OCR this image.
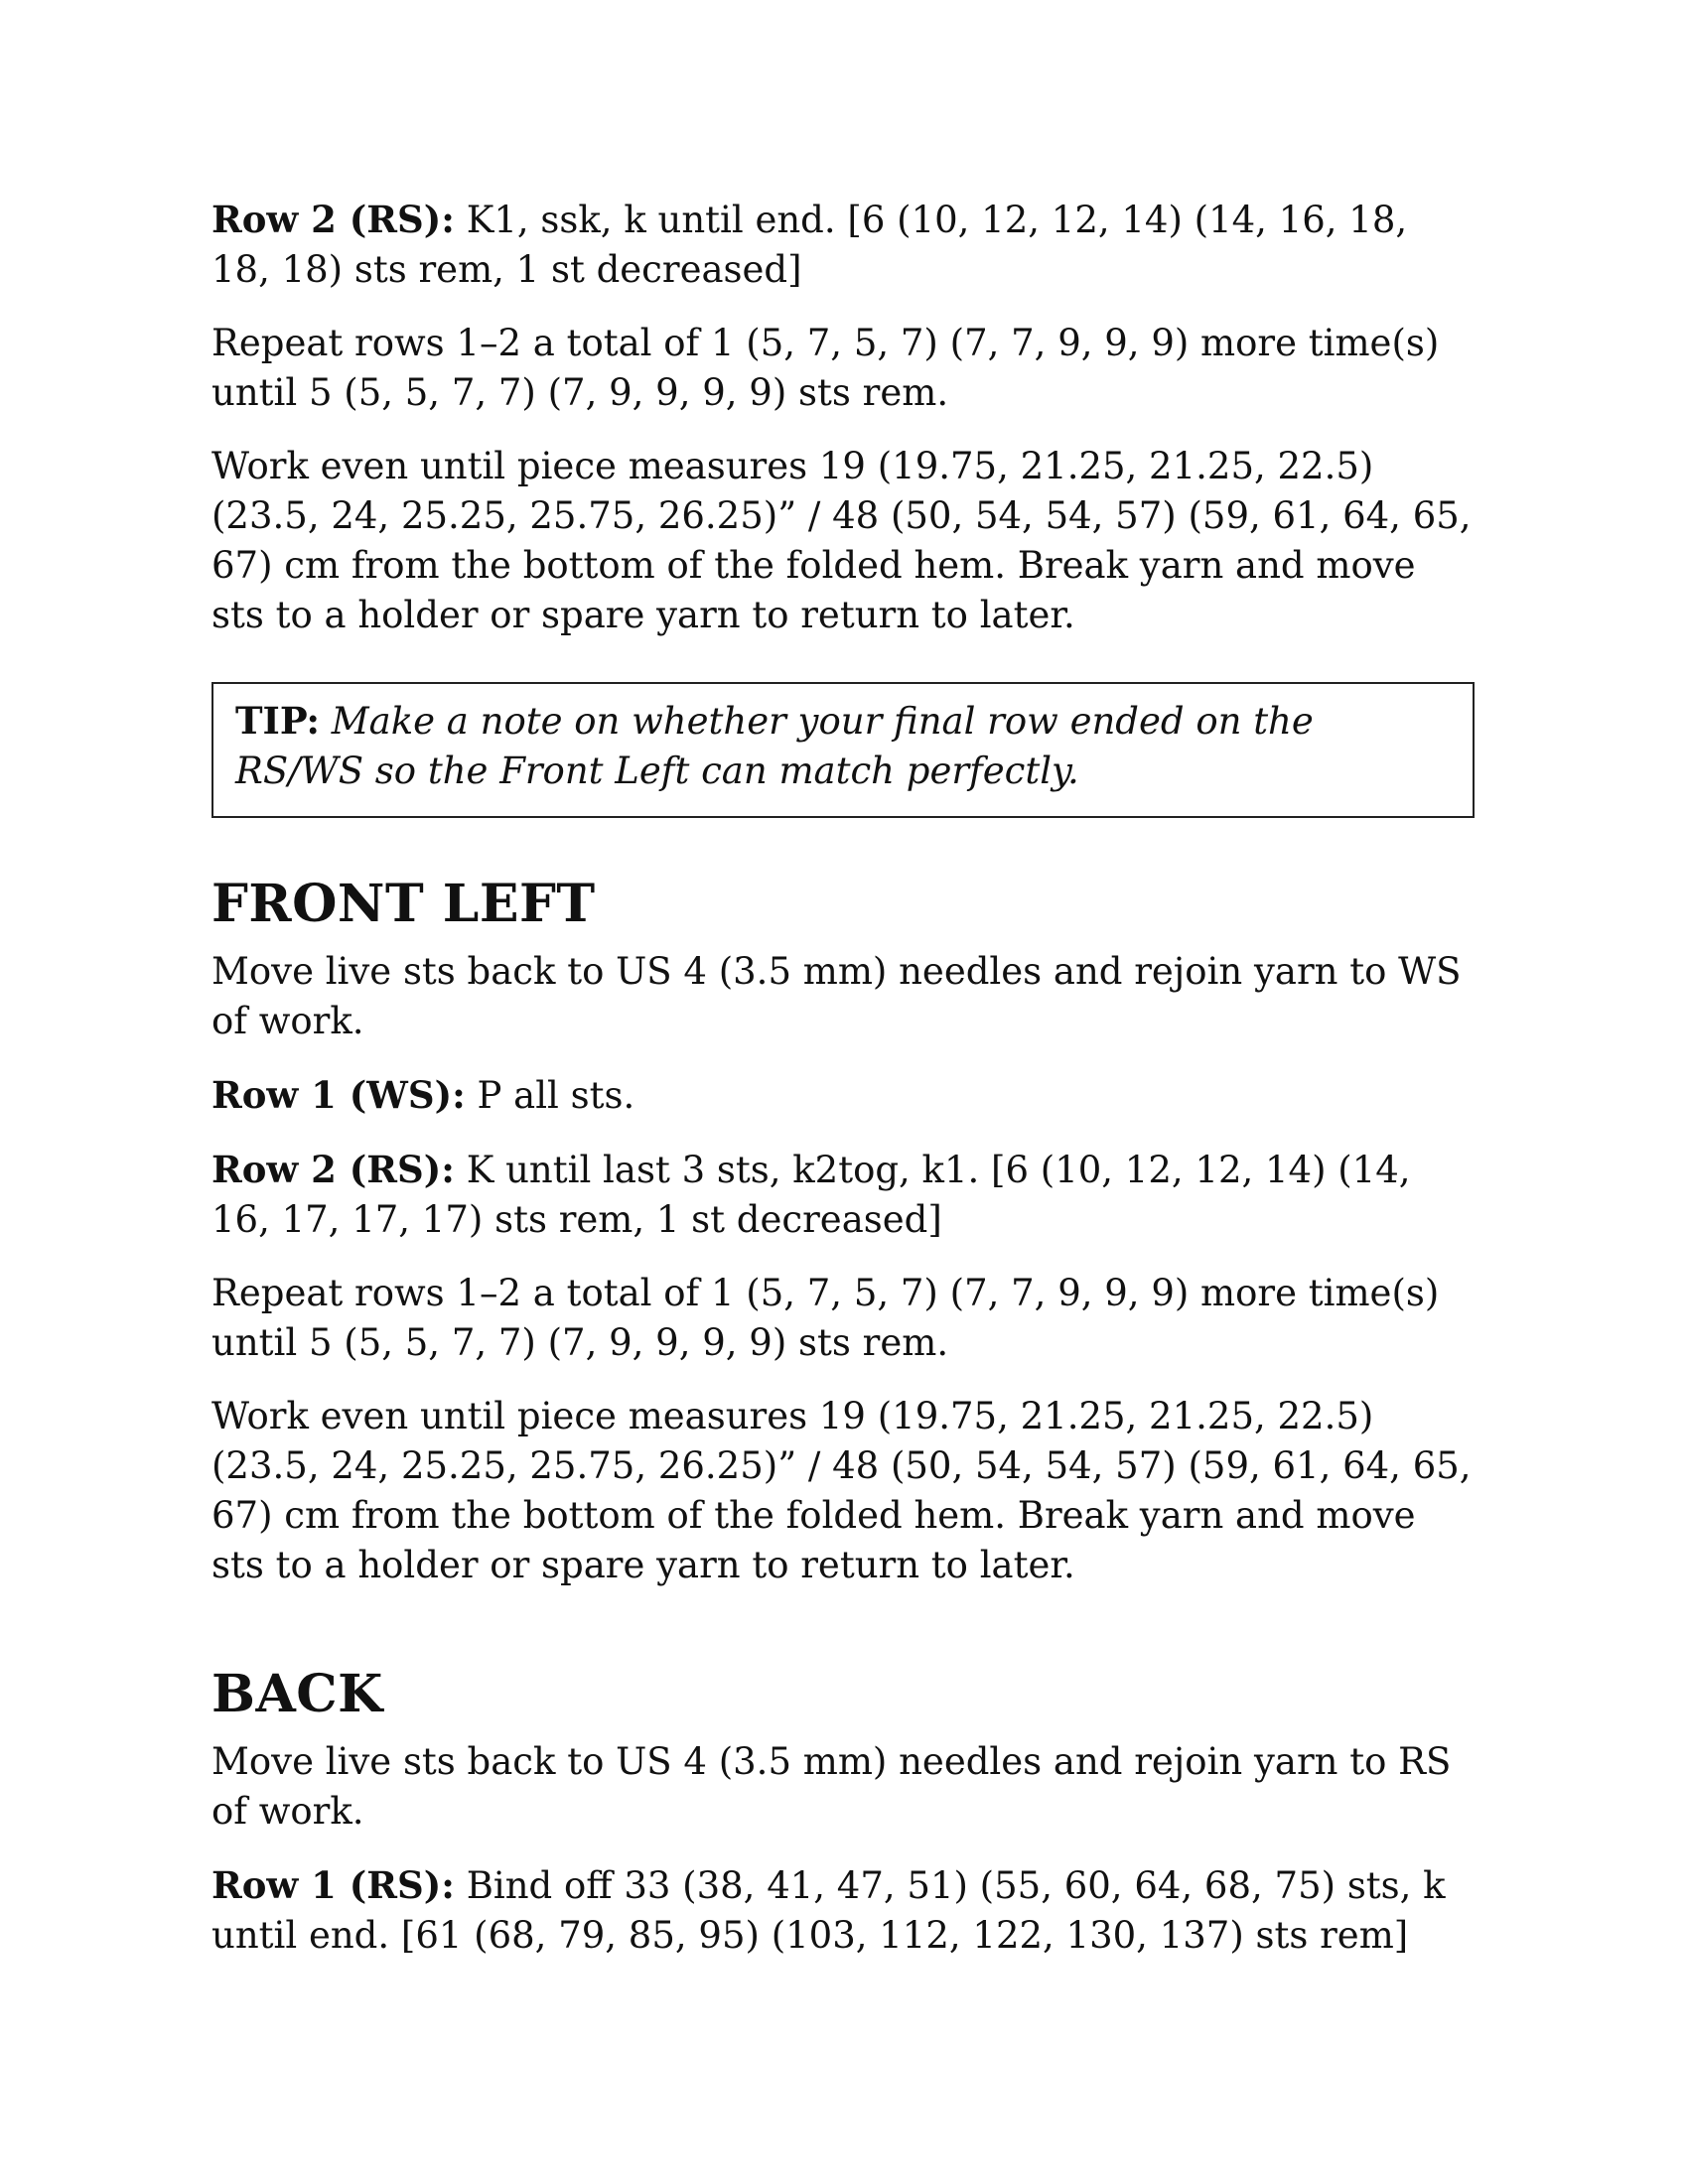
Row 2 (RS): K1, ssk, k until end. [6 (10, 12, 12, 14) (14, 16, 18, 18, 18) sts rem, 1 st decreased]

Repeat rows 1–2 a total of 1 (5, 7, 5, 7) (7, 7, 9, 9, 9) more time(s) until 5 (5, 5, 7, 7) (7, 9, 9, 9, 9) sts rem.

Work even until piece measures 19 (19.75, 21.25, 21.25, 22.5) (23.5, 24, 25.25, 25.75, 26.25)” / 48 (50, 54, 54, 57) (59, 61, 64, 65, 67) cm from the bottom of the folded hem. Break yarn and move sts to a holder or spare yarn to return to later.

TIP: Make a note on whether your final row ended on the RS/WS so the Front Left can match perfectly.

FRONT LEFT

Move live sts back to US 4 (3.5 mm) needles and rejoin yarn to WS of work.

Row 1 (WS): P all sts.

Row 2 (RS): K until last 3 sts, k2tog, k1. [6 (10, 12, 12, 14) (14, 16, 17, 17, 17) sts rem, 1 st decreased]

Repeat rows 1–2 a total of 1 (5, 7, 5, 7) (7, 7, 9, 9, 9) more time(s) until 5 (5, 5, 7, 7) (7, 9, 9, 9, 9) sts rem.

Work even until piece measures 19 (19.75, 21.25, 21.25, 22.5) (23.5, 24, 25.25, 25.75, 26.25)” / 48 (50, 54, 54, 57) (59, 61, 64, 65, 67) cm from the bottom of the folded hem. Break yarn and move sts to a holder or spare yarn to return to later.

BACK

Move live sts back to US 4 (3.5 mm) needles and rejoin yarn to RS of work.

Row 1 (RS): Bind off 33 (38, 41, 47, 51) (55, 60, 64, 68, 75) sts, k until end. [61 (68, 79, 85, 95) (103, 112, 122, 130, 137) sts rem]
